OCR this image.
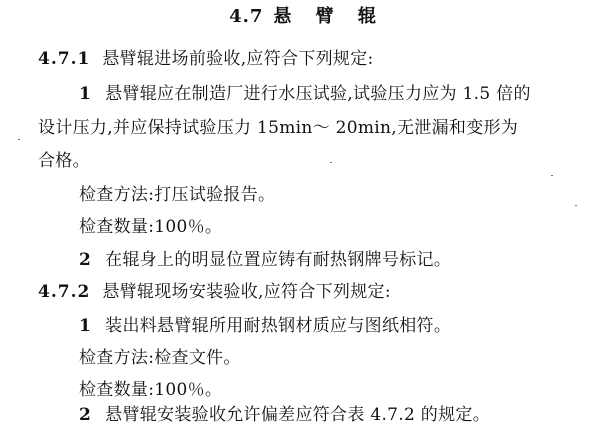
4.7 悬 臂 辊
4.7.1 悬臂辊进场前验收,应符合下列规定:
1 悬臂辊应在制造厂进行水压试验,试验压力应为 1.5 倍的
设计压力,并应保持试验压力 15min～ 20min,无泄漏和变形为
合格。
检查方法:打压试验报告。
检查数量:100％。
2 在辊身上的明显位置应铸有耐热钢牌号标记。
4.7.2 悬臂辊现场安装验收,应符合下列规定:
1 装出料悬臂辊所用耐热钢材质应与图纸相符。
检查方法:检查文件。
检查数量:100％。
2 悬臂辊安装验收允许偏差应符合表 4.7.2 的规定。
